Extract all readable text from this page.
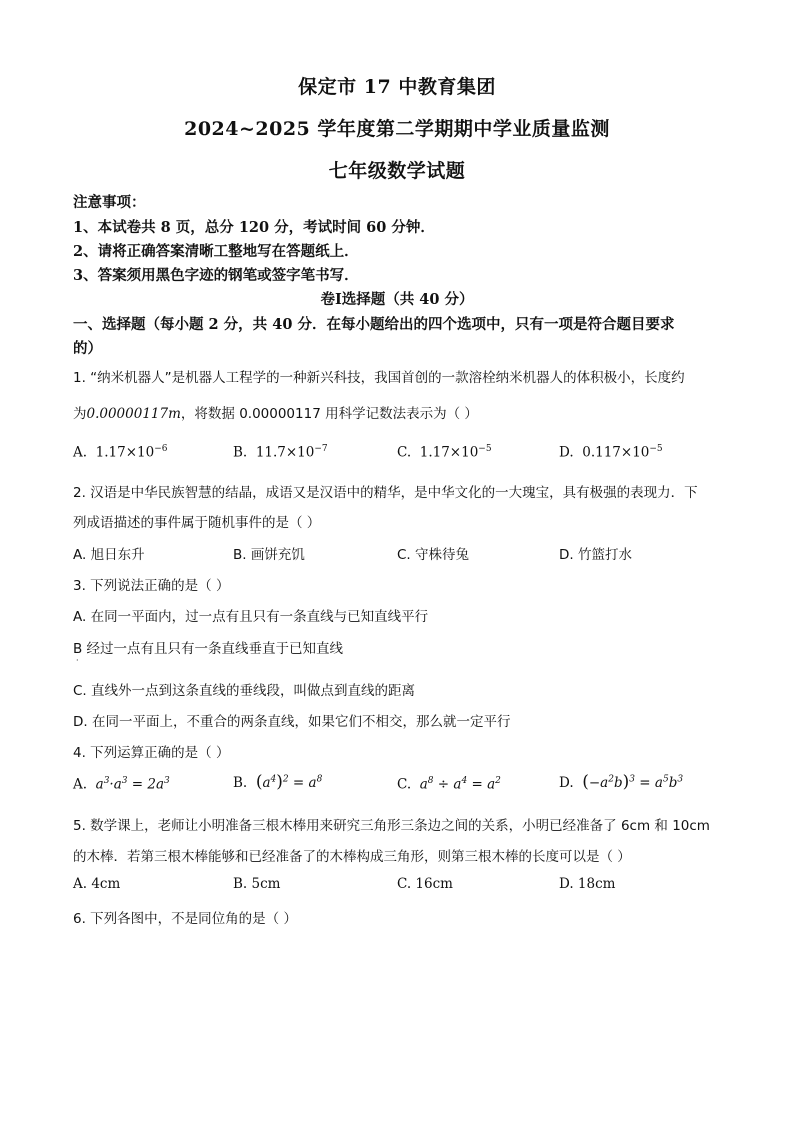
保定市 17 中教育集团
2024~2025 学年度第二学期期中学业质量监测
七年级数学试题
注意事项：
1、本试卷共 8 页，总分 120 分，考试时间 60 分钟．
2、请将正确答案清晰工整地写在答题纸上．
3、答案须用黑色字迹的钢笔或签字笔书写．
卷Ⅰ选择题（共 40 分）
一、选择题（每小题 2 分，共 40 分．在每小题给出的四个选项中，只有一项是符合题目要求
的）
1. “纳米机器人”是机器人工程学的一种新兴科技，我国首创的一款溶栓纳米机器人的体积极小，长度约
为0.00000117m，将数据 0.00000117 用科学记数法表示为（ ）
A. $1.17\times 10^{-6}$	B. $11.7\times 10^{-7}$	C. $1.17\times 10^{-5}$	D. $0.117\times 10^{-5}$
2. 汉语是中华民族智慧的结晶，成语又是汉语中的精华，是中华文化的一大瑰宝，具有极强的表现力．下
列成语描述的事件属于随机事件的是（ ）
A. 旭日东升	B. 画饼充饥	C. 守株待兔	D. 竹篮打水
3. 下列说法正确的是（ ）
A. 在同一平面内，过一点有且只有一条直线与已知直线平行
B 经过一点有且只有一条直线垂直于已知直线
·
C. 直线外一点到这条直线的垂线段，叫做点到直线的距离
D. 在同一平面上，不重合的两条直线，如果它们不相交，那么就一定平行
4. 下列运算正确的是（ ）
A.  $a^3\cdot a^3 = 2a^3$	B. $(a^4)^2 = a^8$	C.  $a^8 \div a^4 = a^2$	D. $(-a^2b)^3 = a^5b^3$
5. 数学课上，老师让小明准备三根木棒用来研究三角形三条边之间的关系，小明已经准备了 6cm 和 10cm
的木棒．若第三根木棒能够和已经准备了的木棒构成三角形，则第三根木棒的长度可以是（ ）
A. 4cm	B. 5cm	C. 16cm	D. 18cm
6. 下列各图中，不是同位角的是（ ）
